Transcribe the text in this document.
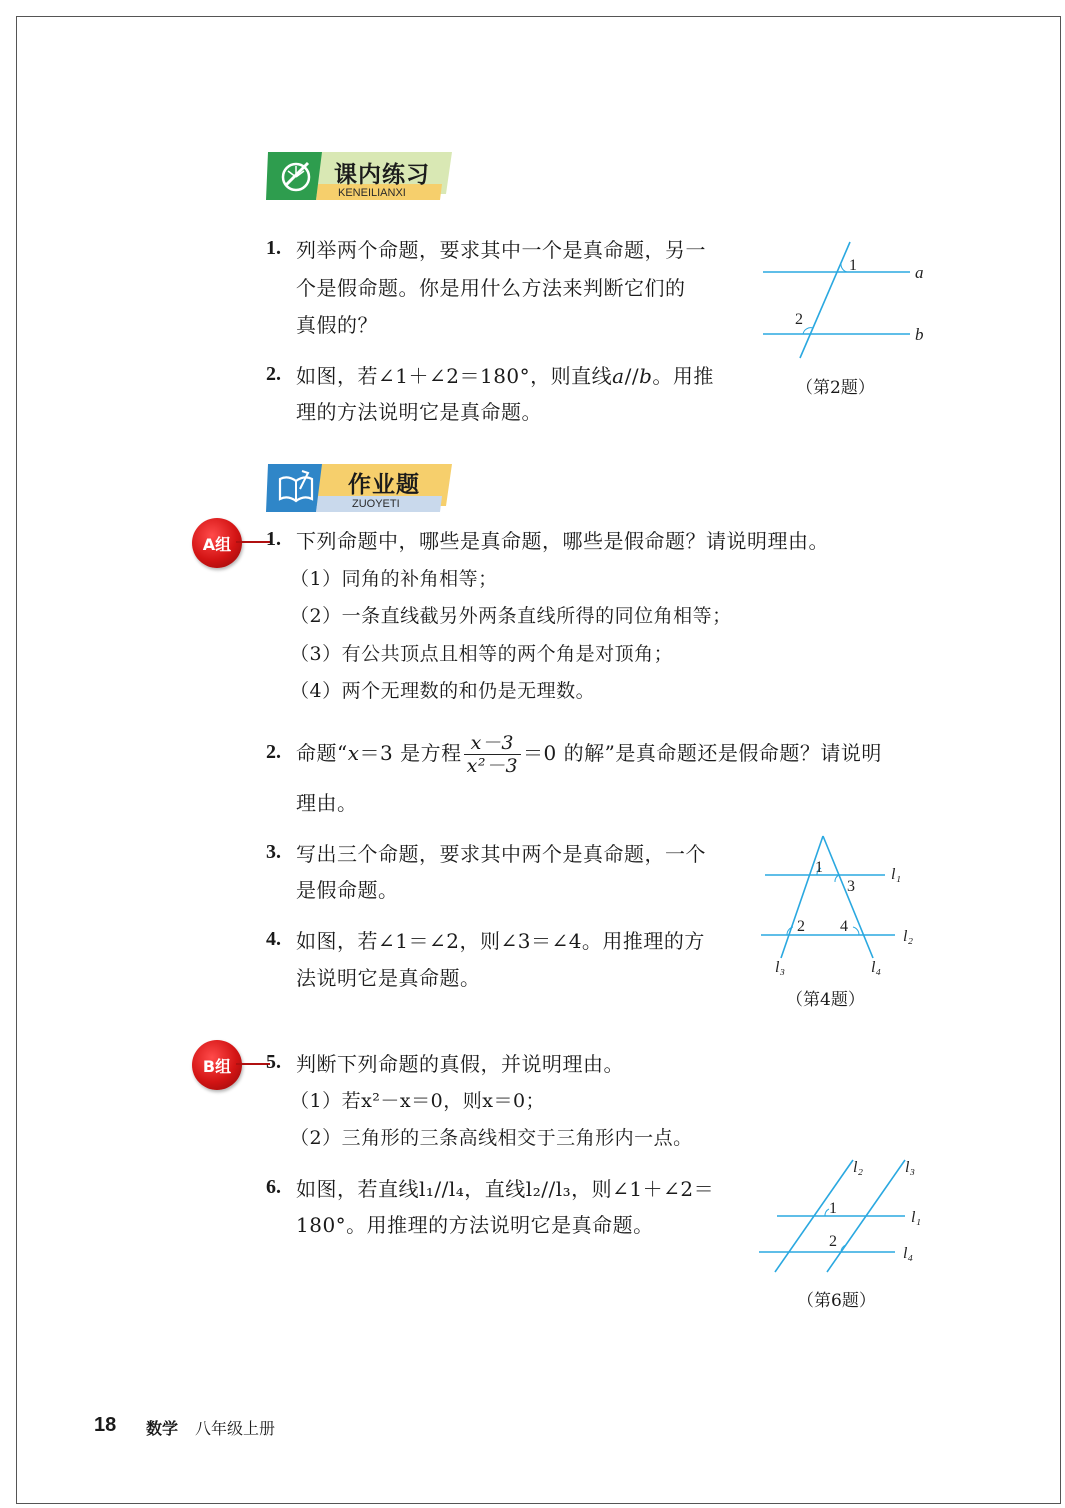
课内练习
KENEILIANXI
1. 列举两个命题，要求其中一个是真命题，另一
个是假命题。你是用什么方法来判断它们的
真假的？
2. 如图，若∠1＋∠2＝180°，则直线a//b。用推
理的方法说明它是真命题。
1
2
a
b
（第2题）
作业题
ZUOYETI
A组	1. 下列命题中，哪些是真命题，哪些是假命题？请说明理由。
（1）同角的补角相等；
（2）一条直线截另外两条直线所得的同位角相等；
（3）有公共顶点且相等的两个角是对顶角；
（4）两个无理数的和仍是无理数。
2. 命题“x＝3 是方程 $\frac{x-3}{\text{x²－3}} =0$ 的解”是真命题还是假命题？请说明
理由。
3. 写出三个命题，要求其中两个是真命题，一个
是假命题。
4. 如图，若∠1＝∠2，则∠3＝∠4。用推理的方
法说明它是真命题。
1
3
2 4
l₁
l₂
l₃	l₄
（第4题）
B组	5. 判断下列命题的真假，并说明理由。
（1）若x²－x＝0，则x＝0；
（2）三角形的三条高线相交于三角形内一点。
6. 如图，若直线l₁//l₄，直线l₂//l₃，则∠1＋∠2＝
180°。用推理的方法说明它是真命题。
1
2
l₂	l₃
l₁
l₄
（第6题）
18 数学 八年级上册
